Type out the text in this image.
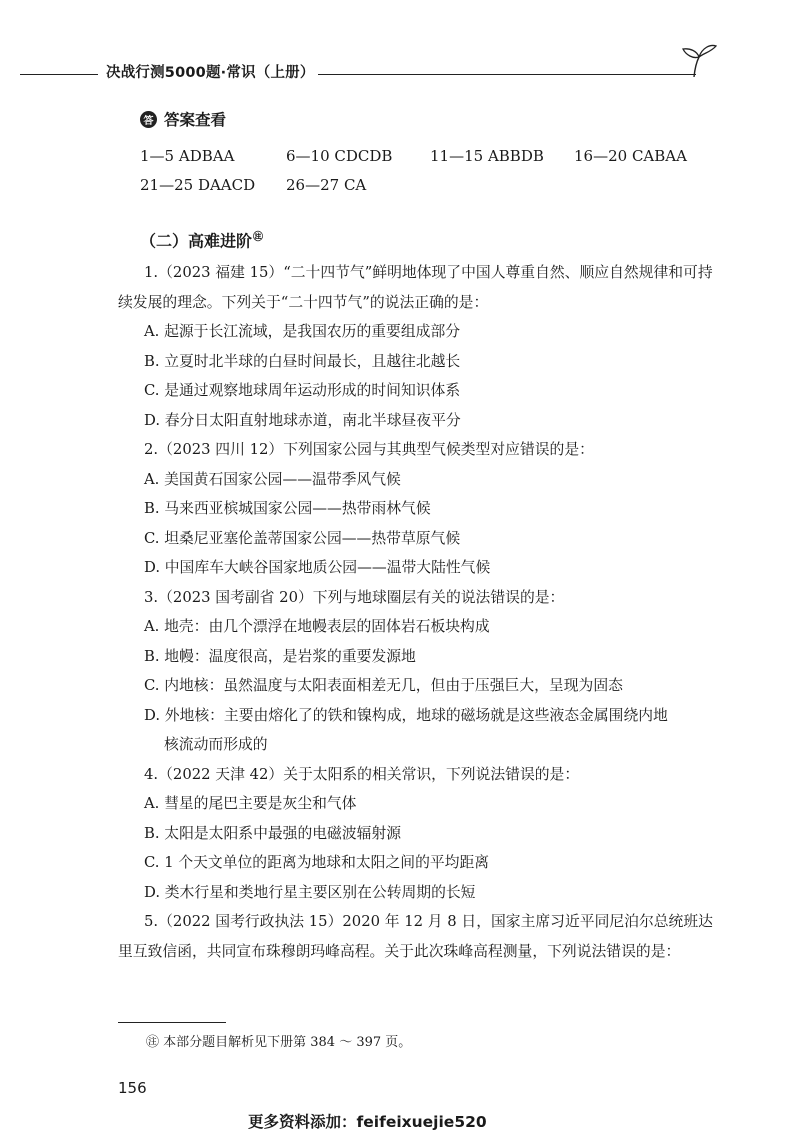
决战行测5000题·常识（上册）
答 答案查看
1—5 ADBAA	6—10 CDCDB	11—15 ABBDB 16—20 CABAA
21—25 DAACD 26—27 CA
（二）高难进阶㊟

1.（2023 福建 15）“二十四节气”鲜明地体现了中国人尊重自然、顺应自然规律和可持续发展的理念。下列关于“二十四节气”的说法正确的是：

A. 起源于长江流域，是我国农历的重要组成部分

B. 立夏时北半球的白昼时间最长，且越往北越长

C. 是通过观察地球周年运动形成的时间知识体系

D. 春分日太阳直射地球赤道，南北半球昼夜平分

2.（2023 四川 12）下列国家公园与其典型气候类型对应错误的是：

A. 美国黄石国家公园——温带季风气候

B. 马来西亚槟城国家公园——热带雨林气候

C. 坦桑尼亚塞伦盖蒂国家公园——热带草原气候

D. 中国库车大峡谷国家地质公园——温带大陆性气候

3.（2023 国考副省 20）下列与地球圈层有关的说法错误的是：

A. 地壳：由几个漂浮在地幔表层的固体岩石板块构成

B. 地幔：温度很高，是岩浆的重要发源地

C. 内地核：虽然温度与太阳表面相差无几，但由于压强巨大，呈现为固态

D. 外地核：主要由熔化了的铁和镍构成，地球的磁场就是这些液态金属围绕内地
核流动而形成的

4.（2022 天津 42）关于太阳系的相关常识，下列说法错误的是：

A. 彗星的尾巴主要是灰尘和气体

B. 太阳是太阳系中最强的电磁波辐射源

C. 1 个天文单位的距离为地球和太阳之间的平均距离

D. 类木行星和类地行星主要区别在公转周期的长短

5.（2022 国考行政执法 15）2020 年 12 月 8 日，国家主席习近平同尼泊尔总统班达里互致信函，共同宣布珠穆朗玛峰高程。关于此次珠峰高程测量，下列说法错误的是：

㊟ 本部分题目解析见下册第 384 ～ 397 页。
156
更多资料添加：feifeixuejie520
